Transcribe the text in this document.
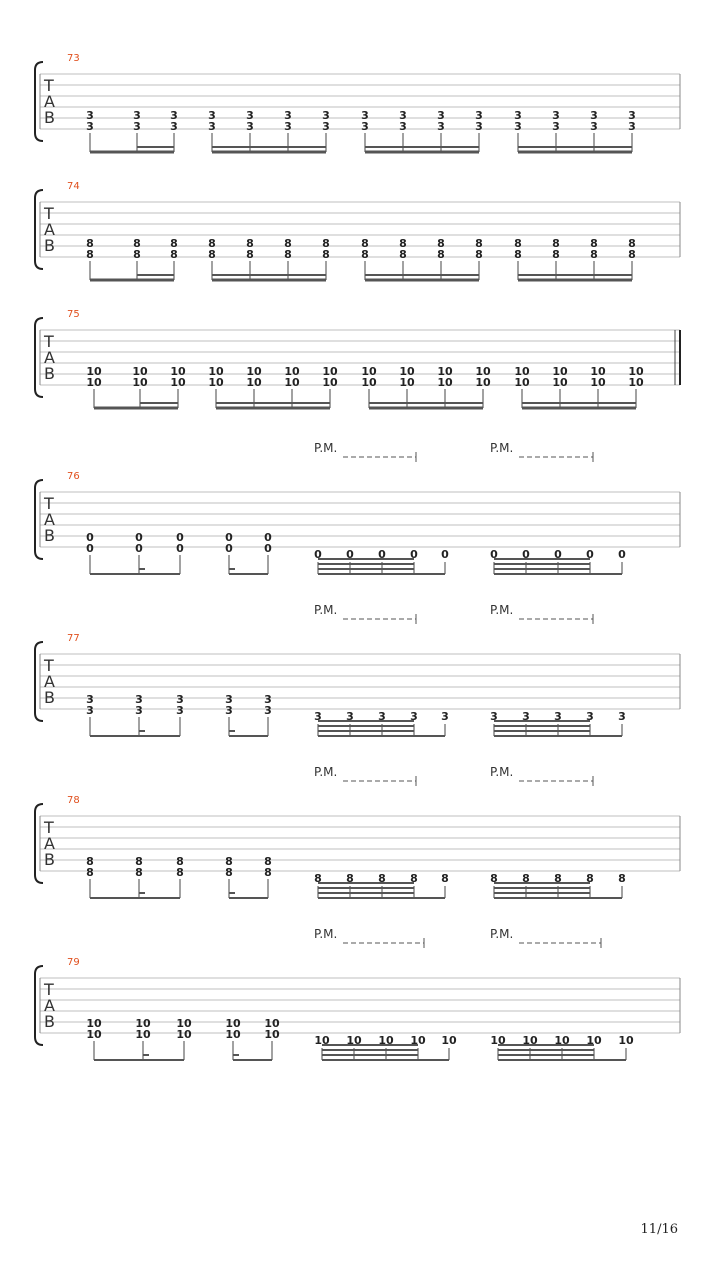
73
T
A
B	3
3
3
3
3
3
3
3
3
3
3
3
3
3
3
3
3
3
3
3
3
3
3
3
3
3
3
3
3
3
74
T
A
B	8
8
8
8
8
8
8
8
8
8
8
8
8
8
8
8
8
8
8
8
8
8
8
8
8
8
8
8
8
8
75
T
A
B	10
10
10
10
10
10
10
10
10
10
10
10
10
10
10
10
10
10
10
10
10
10
10
10
10
10
10
10
10
10
76
T
A
B
P.M.	P.M.
0
0
0
0
0
0
0
0
0
0	0 0 0 0 0	0 0 0 0 0
77
T
A
B
P.M.	P.M.
3
3
3
3
3
3
3
3
3
3	3 3 3 3 3	3 3 3 3 3
78
T
A
B
P.M.	P.M.
8
8
8
8
8
8
8
8
8
8	8 8 8 8 8	8 8 8 8 8
79
T
A
B
P.M.	P.M.
10
10
10
10
10
10
10
10
10
10	10 10 10 10 10	10 10 10 10 10
11/16
